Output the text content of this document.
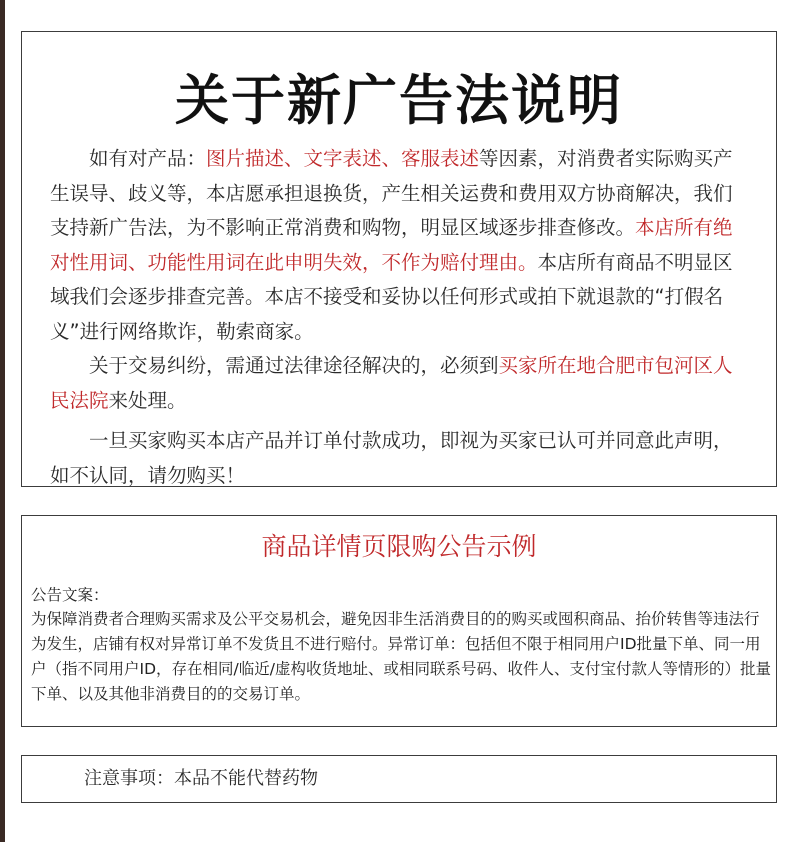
关于新广告法说明

如有对产品：图片描述、文字表述、客服表述等因素，对消费者实际购买产生误导、歧义等，本店愿承担退换货，产生相关运费和费用双方协商解决，我们支持新广告法，为不影响正常消费和购物，明显区域逐步排查修改。本店所有绝对性用词、功能性用词在此申明失效，不作为赔付理由。本店所有商品不明显区域我们会逐步排查完善。本店不接受和妥协以任何形式或拍下就退款的“打假名义”进行网络欺诈，勒索商家。

关于交易纠纷，需通过法律途径解决的，必须到买家所在地合肥市包河区人民法院来处理。

一旦买家购买本店产品并订单付款成功，即视为买家已认可并同意此声明，如不认同，请勿购买！

商品详情页限购公告示例
公告文案：
为保障消费者合理购买需求及公平交易机会，避免因非生活消费目的的购买或囤积商品、抬价转售等违法行为发生，店铺有权对异常订单不发货且不进行赔付。异常订单：包括但不限于相同用户ID批量下单、同一用户（指不同用户ID，存在相同/临近/虚构收货地址、或相同联系号码、收件人、支付宝付款人等情形的）批量下单、以及其他非消费目的的交易订单。
注意事项：本品不能代替药物
